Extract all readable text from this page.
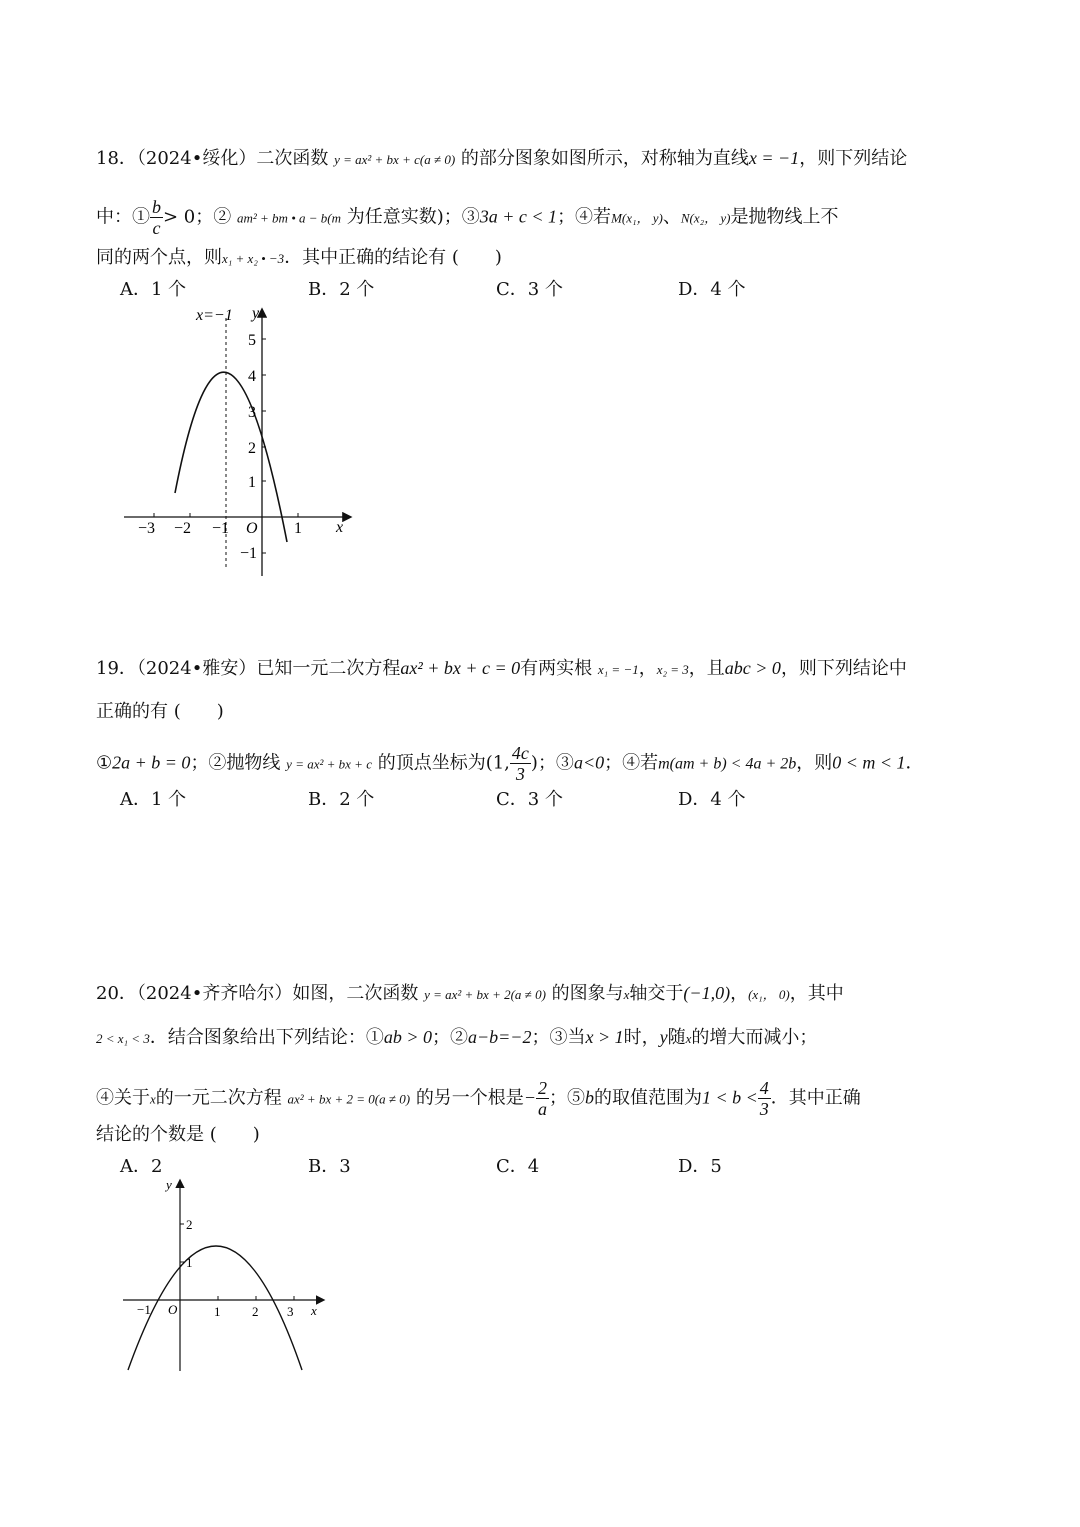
18．（2024•绥化）二次函数 y = ax² + bx + c(a ≠ 0) 的部分图象如图所示，对称轴为直线x = −1，则下列结论
中：① $\frac{b}{c} > 0$；② am² + bm • a − b(m 为任意实数)；③3a + c < 1；④若M(x₁， y)、N(x₂， y)是抛物线上不
同的两个点，则x₁ + x₂ • −3．其中正确的结论有 (　　)
A．1 个	B．2 个	C．3 个	D．4 个
x=−1 y
x
O
−3 −2 −1	1
5
4
3
2
1
−1
19．（2024•雅安）已知一元二次方程ax² + bx + c = 0有两实根 x₁ = −1，x₂ = 3，且abc > 0，则下列结论中
正确的有 (　　)
①2a + b = 0；②抛物线 y = ax² + bx + c 的顶点坐标为(1, $\frac{4c}{3}$ )；③a<0；④若m(am + b) < 4a + 2b，则0 < m < 1．
A．1 个	B．2 个	C．3 个	D．4 个
20．（2024•齐齐哈尔）如图，二次函数 y = ax² + bx + 2(a ≠ 0) 的图象与x轴交于(−1,0)，(x₁， 0)，其中
2 < x₁ < 3．结合图象给出下列结论：①ab > 0；②a−b=−2；③当x > 1时，y随x的增大而减小；
④关于x的一元二次方程 ax² + bx + 2 = 0(a ≠ 0) 的另一个根是− $\frac{2}{a}$ ；⑤b的取值范围为$1 < b < \frac{4}{3}$ ．其中正确
结论的个数是 (　　)
A．2	B．3	C．4	D．5
y
x
O
−1	1 2 3
2
1
